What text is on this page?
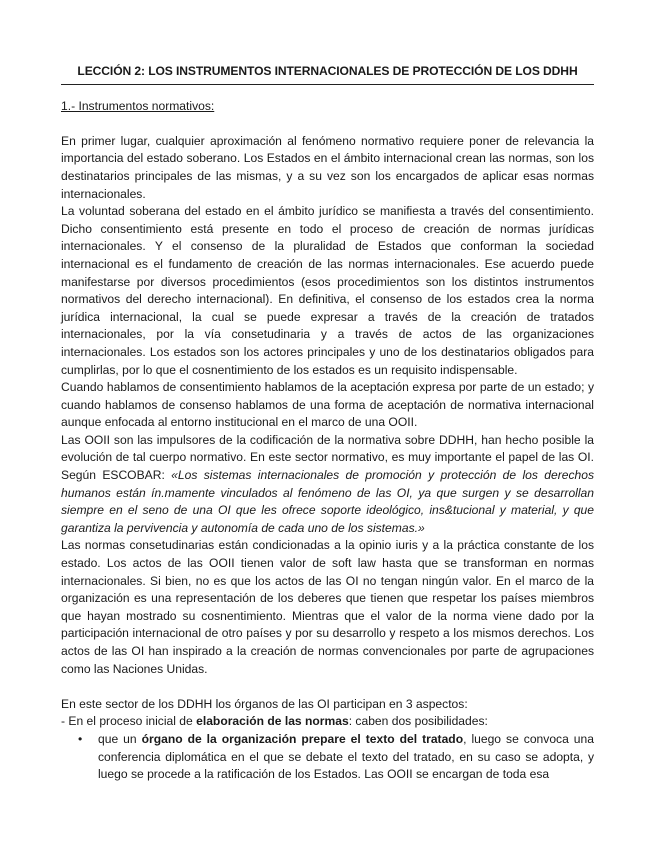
LECCIÓN 2: LOS INSTRUMENTOS INTERNACIONALES DE PROTECCIÓN DE LOS DDHH
1.- Instrumentos normativos:

En primer lugar, cualquier aproximación al fenómeno normativo requiere poner de relevancia la importancia del estado soberano. Los Estados en el ámbito internacional crean las normas, son los destinatarios principales de las mismas, y a su vez son los encargados de aplicar esas normas internacionales.

La voluntad soberana del estado en el ámbito jurídico se manifiesta a través del consentimiento. Dicho consentimiento está presente en todo el proceso de creación de normas jurídicas internacionales. Y el consenso de la pluralidad de Estados que conforman la sociedad internacional es el fundamento de creación de las normas internacionales. Ese acuerdo puede manifestarse por diversos procedimientos (esos procedimientos son los distintos instrumentos normativos del derecho internacional). En definitiva, el consenso de los estados crea la norma jurídica internacional, la cual se puede expresar a través de la creación de tratados internacionales, por la vía consetudinaria y a través de actos de las organizaciones internacionales. Los estados son los actores principales y uno de los destinatarios obligados para cumplirlas, por lo que el cosnentimiento de los estados es un requisito indispensable.

Cuando hablamos de consentimiento hablamos de la aceptación expresa por parte de un estado; y cuando hablamos de consenso hablamos de una forma de aceptación de normativa internacional aunque enfocada al entorno institucional en el marco de una OOII.

Las OOII son las impulsores de la codificación de la normativa sobre DDHH, han hecho posible la evolución de tal cuerpo normativo. En este sector normativo, es muy importante el papel de las OI. Según ESCOBAR: «Los sistemas internacionales de promoción y protección de los derechos humanos están ín.mamente vinculados al fenómeno de las OI, ya que surgen y se desarrollan siempre en el seno de una OI que les ofrece soporte ideológico, ins&tucional y material, y que garantiza la pervivencia y autonomía de cada uno de los sistemas.»

Las normas consetudinarias están condicionadas a la opinio iuris y a la práctica constante de los estado. Los actos de las OOII tienen valor de soft law hasta que se transforman en normas internacionales. Si bien, no es que los actos de las OI no tengan ningún valor. En el marco de la organización es una representación de los deberes que tienen que respetar los países miembros que hayan mostrado su cosnentimiento. Mientras que el valor de la norma viene dado por la participación internacional de otro países y por su desarrollo y respeto a los mismos derechos. Los actos de las OI han inspirado a la creación de normas convencionales por parte de agrupaciones como las Naciones Unidas.

En este sector de los DDHH los órganos de las OI participan en 3 aspectos:

- En el proceso inicial de elaboración de las normas: caben dos posibilidades:

• que un órgano de la organización prepare el texto del tratado, luego se convoca una conferencia diplomática en el que se debate el texto del tratado, en su caso se adopta, y luego se procede a la ratificación de los Estados. Las OOII se encargan de toda esa
